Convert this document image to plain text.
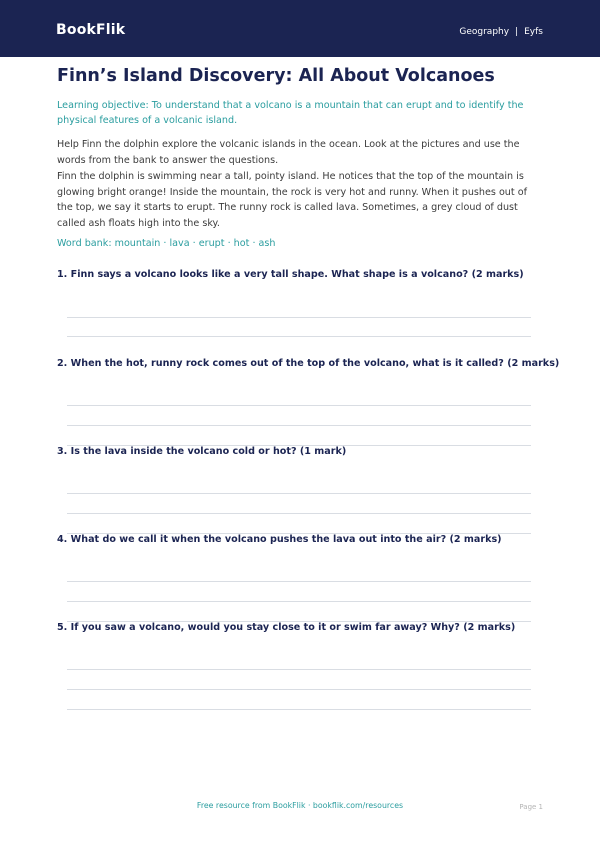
BookFlik	Geography | Eyfs
Finn’s Island Discovery: All About Volcanoes

Learning objective: To understand that a volcano is a mountain that can erupt and to identify the physical features of a volcanic island.

Help Finn the dolphin explore the volcanic islands in the ocean. Look at the pictures and use the words from the bank to answer the questions.

Finn the dolphin is swimming near a tall, pointy island. He notices that the top of the mountain is glowing bright orange! Inside the mountain, the rock is very hot and runny. When it pushes out of the top, we say it starts to erupt. The runny rock is called lava. Sometimes, a grey cloud of dust called ash floats high into the sky.

Word bank: mountain · lava · erupt · hot · ash

1. Finn says a volcano looks like a very tall shape. What shape is a volcano? (2 marks)

2. When the hot, runny rock comes out of the top of the volcano, what is it called? (2 marks)

3. Is the lava inside the volcano cold or hot? (1 mark)

4. What do we call it when the volcano pushes the lava out into the air? (2 marks)

5. If you saw a volcano, would you stay close to it or swim far away? Why? (2 marks)

Free resource from BookFlik · bookflik.com/resources	Page 1
